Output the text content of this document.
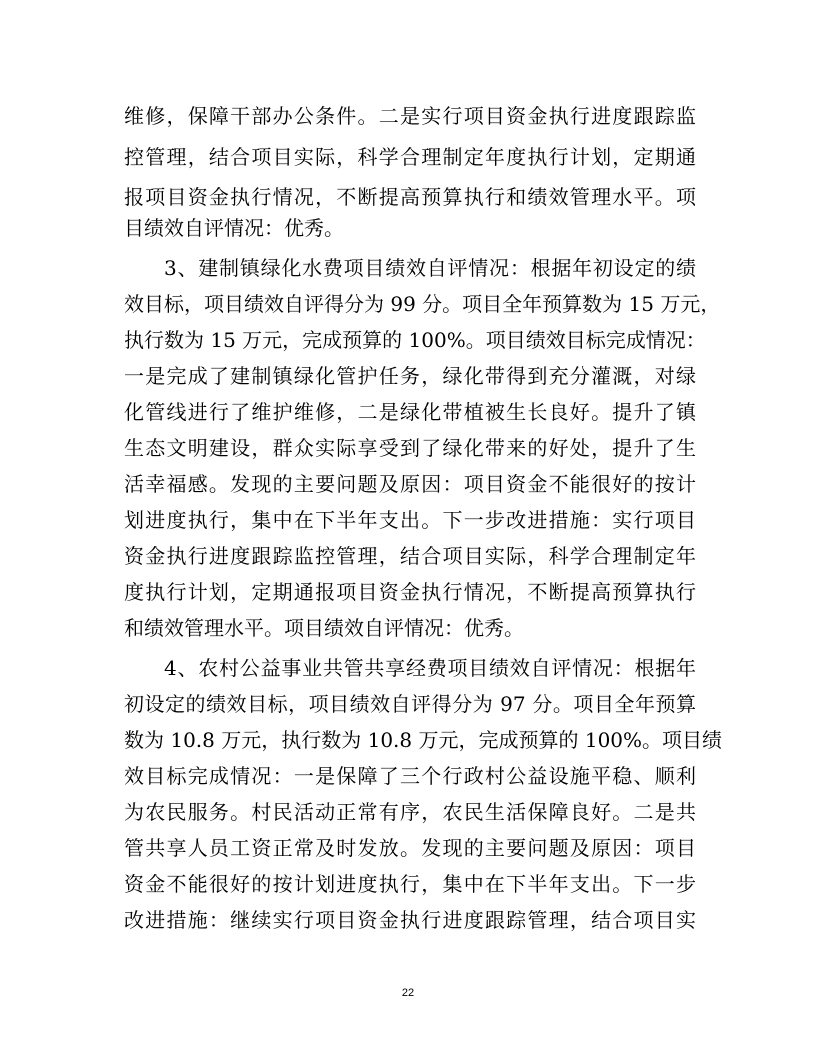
维修，保障干部办公条件。二是实行项目资金执行进度跟踪监
控管理，结合项目实际，科学合理制定年度执行计划，定期通
报项目资金执行情况，不断提高预算执行和绩效管理水平。项
目绩效自评情况：优秀。
3、建制镇绿化水费项目绩效自评情况：根据年初设定的绩
效目标，项目绩效自评得分为 99 分。项目全年预算数为 15 万元，
执行数为 15 万元，完成预算的 100%。项目绩效目标完成情况：
一是完成了建制镇绿化管护任务，绿化带得到充分灌溉，对绿
化管线进行了维护维修，二是绿化带植被生长良好。提升了镇
生态文明建设，群众实际享受到了绿化带来的好处，提升了生
活幸福感。发现的主要问题及原因：项目资金不能很好的按计
划进度执行，集中在下半年支出。下一步改进措施：实行项目
资金执行进度跟踪监控管理，结合项目实际，科学合理制定年
度执行计划，定期通报项目资金执行情况，不断提高预算执行
和绩效管理水平。项目绩效自评情况：优秀。
4、农村公益事业共管共享经费项目绩效自评情况：根据年
初设定的绩效目标，项目绩效自评得分为 97 分。项目全年预算
数为 10.8 万元，执行数为 10.8 万元，完成预算的 100%。项目绩
效目标完成情况：一是保障了三个行政村公益设施平稳、顺利
为农民服务。村民活动正常有序，农民生活保障良好。二是共
管共享人员工资正常及时发放。发现的主要问题及原因：项目
资金不能很好的按计划进度执行，集中在下半年支出。下一步
改进措施：继续实行项目资金执行进度跟踪管理，结合项目实
22
